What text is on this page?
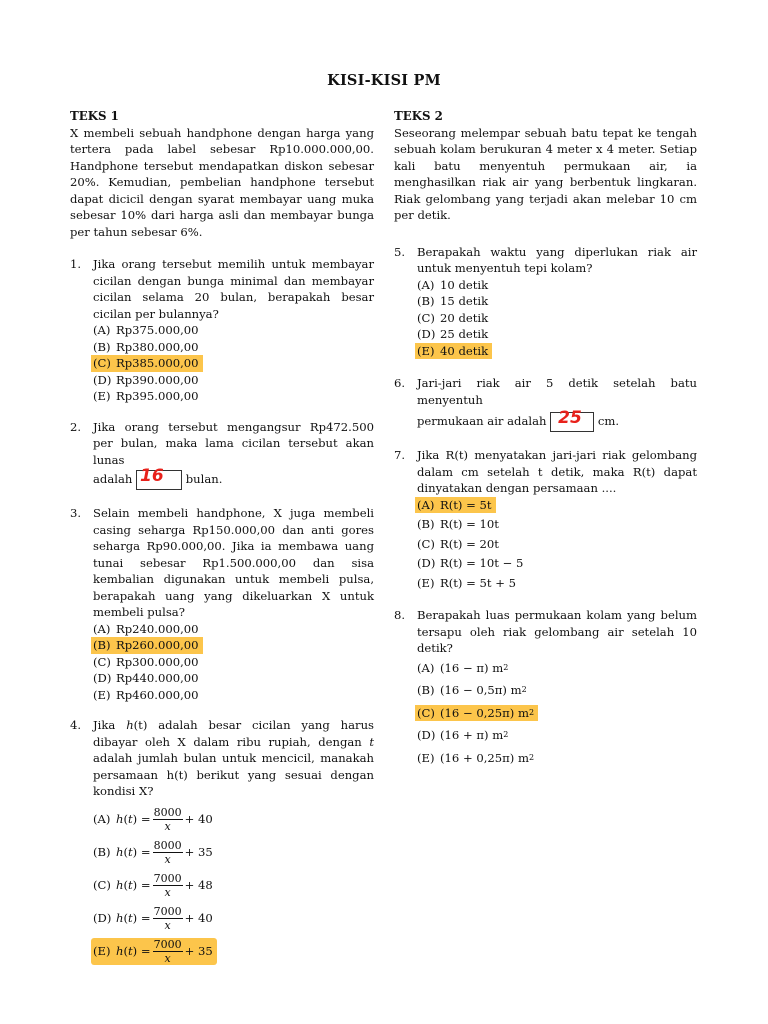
KISI-KISI PM
TEKS 1
X membeli sebuah handphone dengan harga yang tertera pada label sebesar Rp10.000.000,00. Handphone tersebut mendapatkan diskon sebesar 20%. Kemudian, pembelian handphone tersebut dapat dicicil dengan syarat membayar uang muka sebesar 10% dari harga asli dan membayar bunga per tahun sebesar 6%.
1.	Jika orang tersebut memilih untuk membayar cicilan dengan bunga minimal dan membayar cicilan selama 20 bulan, berapakah besar cicilan per bulannya?
(A) Rp375.000,00
(B) Rp380.000,00
(C) Rp385.000,00
(D) Rp390.000,00
(E) Rp395.000,00
2.	Jika orang tersebut mengangsur Rp472.500 per bulan, maka lama cicilan tersebut akan lunas
adalah 16 bulan.
3.	Selain membeli handphone, X juga membeli casing seharga Rp150.000,00 dan anti gores seharga Rp90.000,00. Jika ia membawa uang tunai sebesar Rp1.500.000,00 dan sisa kembalian digunakan untuk membeli pulsa, berapakah uang yang dikeluarkan X untuk membeli pulsa?
(A) Rp240.000,00
(B) Rp260.000,00
(C) Rp300.000,00
(D) Rp440.000,00
(E) Rp460.000,00
4.	Jika h(t) adalah besar cicilan yang harus dibayar oleh X dalam ribu rupiah, dengan t adalah jumlah bulan untuk mencicil, manakah persamaan h(t) berikut yang sesuai dengan kondisi X?
(A) $h(t) = \frac{8000}{x} + 40$
(B) $h(t) = \frac{8000}{x} + 35$
(C) $h(t) = \frac{7000}{x} + 48$
(D) $h(t) = \frac{7000}{x} + 40$
(E) $h(t) = \frac{7000}{x} + 35$
TEKS 2
Seseorang melempar sebuah batu tepat ke tengah sebuah kolam berukuran 4 meter x 4 meter. Setiap kali batu menyentuh permukaan air, ia menghasilkan riak air yang berbentuk lingkaran. Riak gelombang yang terjadi akan melebar 10 cm per detik.
5.	Berapakah waktu yang diperlukan riak air untuk menyentuh tepi kolam?
(A) 10 detik
(B) 15 detik
(C) 20 detik
(D) 25 detik
(E) 40 detik
6.	Jari-jari riak air 5 detik setelah batu menyentuh
permukaan air adalah 25 cm.
7.	Jika R(t) menyatakan jari-jari riak gelombang dalam cm setelah t detik, maka R(t) dapat dinyatakan dengan persamaan ....
(A) R(t) = 5t
(B) R(t) = 10t
(C) R(t) = 20t
(D) R(t) = 10t − 5
(E) R(t) = 5t + 5
8.	Berapakah luas permukaan kolam yang belum tersapu oleh riak gelombang air setelah 10 detik?
(A) (16 − π)
m 2
(B) (16 − 0,5π)
m 2
(C) (16 − 0,25π)
m 2
(D) (16 + π)
m 2
(E) (16 + 0,25π)
m 2
